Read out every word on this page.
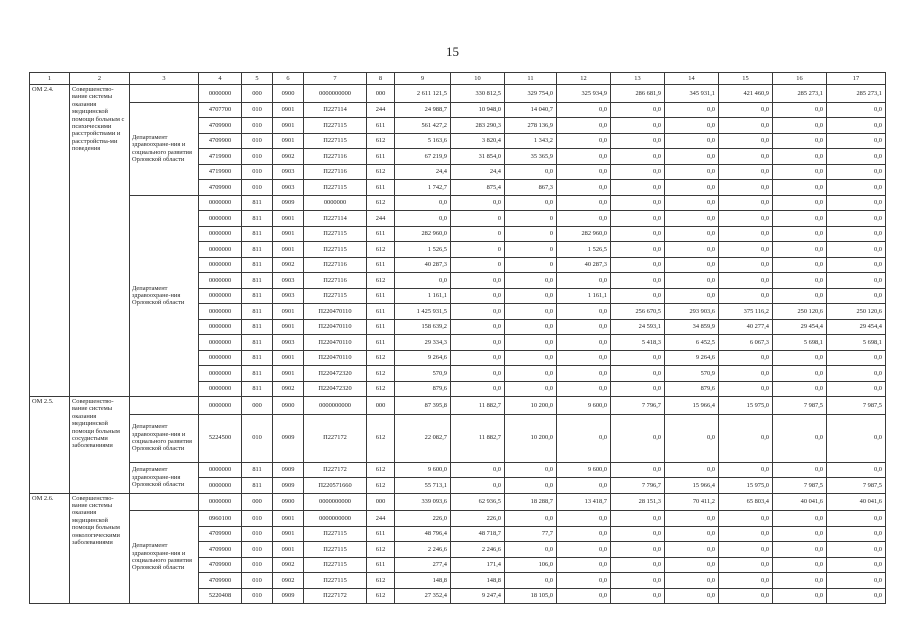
15
1	2	3	4	5	6	7	8	9	10	11	12	13	14	15	16	17
ОМ 2.4.	Совершенство-вание системы оказания медицинской помощи больным с психическими расстройствами и расстройства-ми поведения		0000000	000	0900	0000000000	000	2 611 121,5	330 812,5	329 754,0	325 934,9	286 681,9	345 931,1	421 460,9	285 273,1	285 273,1
		Департамент здравоохране-ния и социального развития Орловской области	4707700	010	0901	П227114	244	24 988,7	10 948,0	14 040,7	0,0	0,0	0,0	0,0	0,0	0,0
			4709900	010	0901	П227115	611	561 427,2	283 290,3	278 136,9	0,0	0,0	0,0	0,0	0,0	0,0
			4709900	010	0901	П227115	612	5 163,6	3 820,4	1 343,2	0,0	0,0	0,0	0,0	0,0	0,0
			4719900	010	0902	П227116	611	67 219,9	31 854,0	35 365,9	0,0	0,0	0,0	0,0	0,0	0,0
			4719900	010	0903	П227116	612	24,4	24,4	0,0	0,0	0,0	0,0	0,0	0,0	0,0
			4709900	010	0903	П227115	611	1 742,7	875,4	867,3	0,0	0,0	0,0	0,0	0,0	0,0
		Департамент здравоохране-ния Орловской области	0000000	811	0909	0000000	612	0,0	0,0	0,0	0,0	0,0	0,0	0,0	0,0	0,0
			0000000	811	0901	П227114	244	0,0	0	0	0,0	0,0	0,0	0,0	0,0	0,0
			0000000	811	0901	П227115	611	282 960,0	0	0	282 960,0	0,0	0,0	0,0	0,0	0,0
			0000000	811	0901	П227115	612	1 526,5	0	0	1 526,5	0,0	0,0	0,0	0,0	0,0
			0000000	811	0902	П227116	611	40 287,3	0	0	40 287,3	0,0	0,0	0,0	0,0	0,0
			0000000	811	0903	П227116	612	0,0	0,0	0,0	0,0	0,0	0,0	0,0	0,0	0,0
			0000000	811	0903	П227115	611	1 161,1	0,0	0,0	1 161,1	0,0	0,0	0,0	0,0	0,0
			0000000	811	0901	П220470110	611	1 425 931,5	0,0	0,0	0,0	256 670,5	293 903,6	375 116,2	250 120,6	250 120,6
			0000000	811	0901	П220470110	611	158 639,2	0,0	0,0	0,0	24 593,1	34 859,9	40 277,4	29 454,4	29 454,4
			0000000	811	0903	П220470110	611	29 334,3	0,0	0,0	0,0	5 418,3	6 452,5	6 067,3	5 698,1	5 698,1
			0000000	811	0901	П220470110	612	9 264,6	0,0	0,0	0,0	0,0	9 264,6	0,0	0,0	0,0
			0000000	811	0901	П220472320	612	570,9	0,0	0,0	0,0	0,0	570,9	0,0	0,0	0,0
			0000000	811	0902	П220472320	612	879,6	0,0	0,0	0,0	0,0	879,6	0,0	0,0	0,0
ОМ 2.5.	Совершенство-вание системы оказания медицинской помощи больным сосудистыми заболеваниями		0000000	000	0900	0000000000	000	87 395,8	11 882,7	10 200,0	9 600,0	7 796,7	15 966,4	15 975,0	7 987,5	7 987,5
		Департамент здравоохране-ния и социального развития Орловской области	5224500	010	0909	П227172	612	22 082,7	11 882,7	10 200,0	0,0	0,0	0,0	0,0	0,0	0,0
		Департамент здравоохране-ния Орловской области	0000000	811	0909	П227172	612	9 600,0	0,0	0,0	9 600,0	0,0	0,0	0,0	0,0	0,0
			0000000	811	0909	П220571660	612	55 713,1	0,0	0,0	0,0	7 796,7	15 966,4	15 975,0	7 987,5	7 987,5
ОМ 2.6.	Совершенство-вание системы оказания медицинской помощи больным онкологическими заболеваниями		0000000	000	0900	0000000000	000	339 093,6	62 936,5	18 288,7	13 418,7	28 151,3	70 411,2	65 803,4	40 041,6	40 041,6
		Департамент здравоохране-ния и социального развития Орловской области	0960100	010	0901	0000000000	244	226,0	226,0	0,0	0,0	0,0	0,0	0,0	0,0	0,0
			4709900	010	0901	П227115	611	48 796,4	48 718,7	77,7	0,0	0,0	0,0	0,0	0,0	0,0
			4709900	010	0901	П227115	612	2 246,6	2 246,6	0,0	0,0	0,0	0,0	0,0	0,0	0,0
			4709900	010	0902	П227115	611	277,4	171,4	106,0	0,0	0,0	0,0	0,0	0,0	0,0
			4709900	010	0902	П227115	612	148,8	148,8	0,0	0,0	0,0	0,0	0,0	0,0	0,0
			5220408	010	0909	П227172	612	27 352,4	9 247,4	18 105,0	0,0	0,0	0,0	0,0	0,0	0,0
